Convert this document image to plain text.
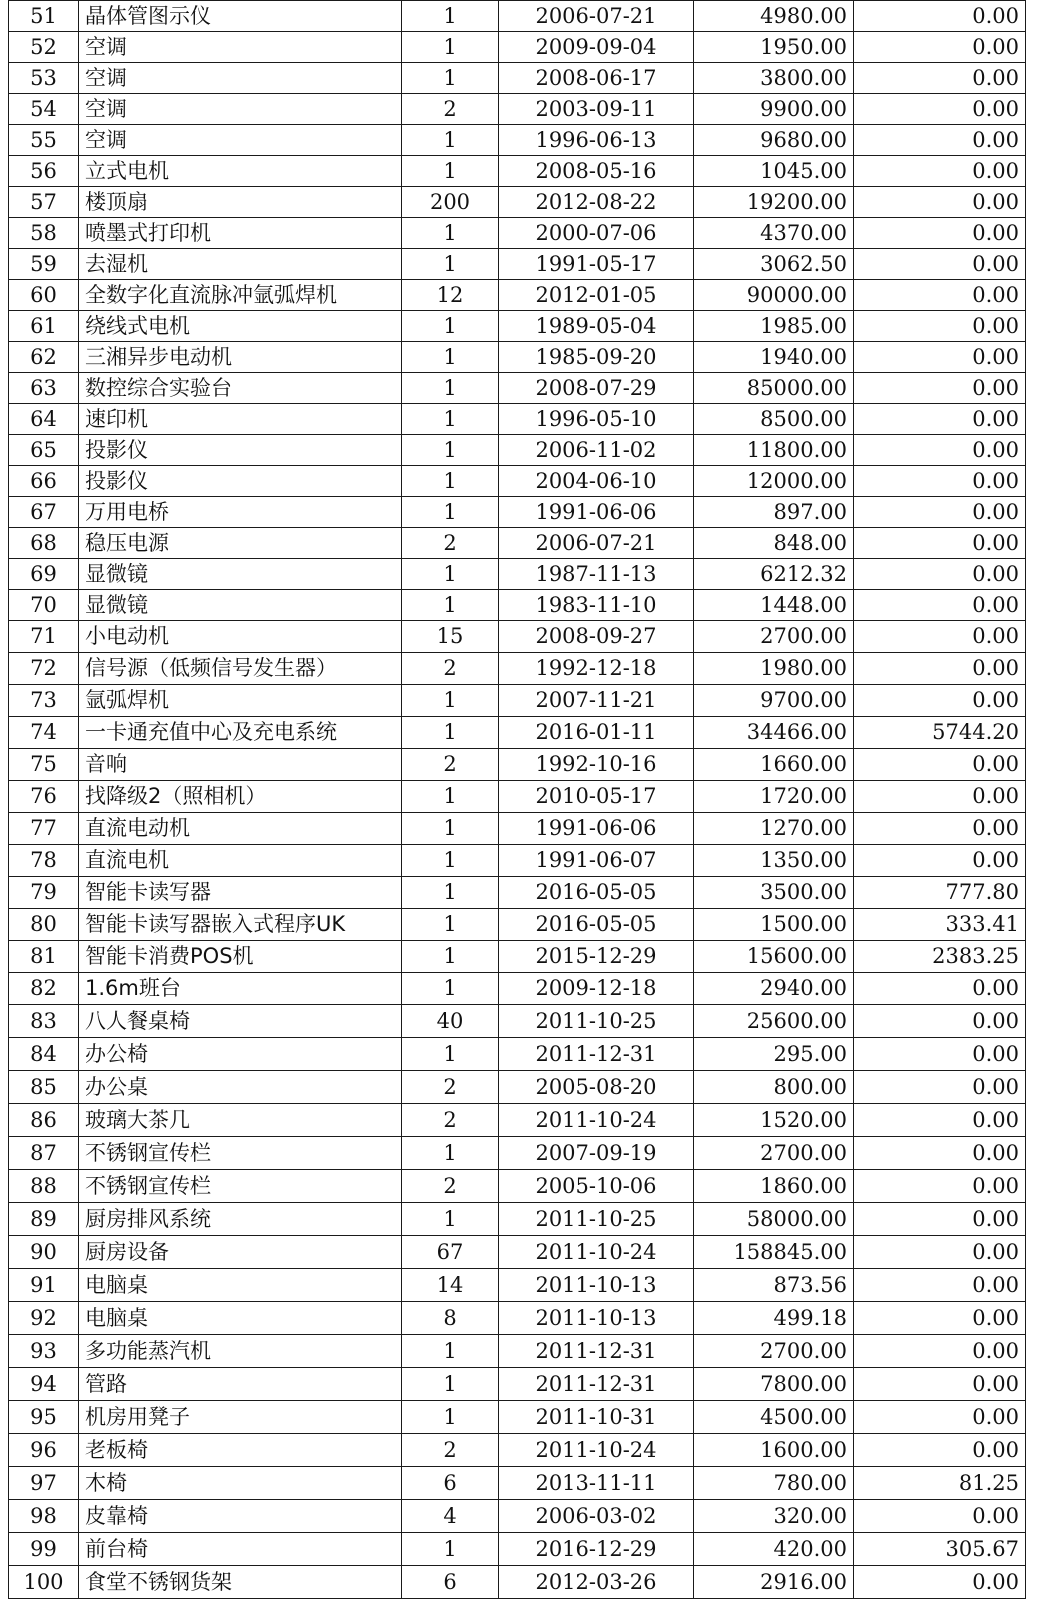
51	晶体管图示仪	1	2006-07-21	4980.00	0.00
52	空调	1	2009-09-04	1950.00	0.00
53	空调	1	2008-06-17	3800.00	0.00
54	空调	2	2003-09-11	9900.00	0.00
55	空调	1	1996-06-13	9680.00	0.00
56	立式电机	1	2008-05-16	1045.00	0.00
57	楼顶扇	200	2012-08-22	19200.00	0.00
58	喷墨式打印机	1	2000-07-06	4370.00	0.00
59	去湿机	1	1991-05-17	3062.50	0.00
60	全数字化直流脉冲氩弧焊机	12	2012-01-05	90000.00	0.00
61	绕线式电机	1	1989-05-04	1985.00	0.00
62	三湘异步电动机	1	1985-09-20	1940.00	0.00
63	数控综合实验台	1	2008-07-29	85000.00	0.00
64	速印机	1	1996-05-10	8500.00	0.00
65	投影仪	1	2006-11-02	11800.00	0.00
66	投影仪	1	2004-06-10	12000.00	0.00
67	万用电桥	1	1991-06-06	897.00	0.00
68	稳压电源	2	2006-07-21	848.00	0.00
69	显微镜	1	1987-11-13	6212.32	0.00
70	显微镜	1	1983-11-10	1448.00	0.00
71	小电动机	15	2008-09-27	2700.00	0.00
72	信号源（低频信号发生器）	2	1992-12-18	1980.00	0.00
73	氩弧焊机	1	2007-11-21	9700.00	0.00
74	一卡通充值中心及充电系统	1	2016-01-11	34466.00	5744.20
75	音响	2	1992-10-16	1660.00	0.00
76	找降级2（照相机）	1	2010-05-17	1720.00	0.00
77	直流电动机	1	1991-06-06	1270.00	0.00
78	直流电机	1	1991-06-07	1350.00	0.00
79	智能卡读写器	1	2016-05-05	3500.00	777.80
80	智能卡读写器嵌入式程序UK	1	2016-05-05	1500.00	333.41
81	智能卡消费POS机	1	2015-12-29	15600.00	2383.25
82	1.6m班台	1	2009-12-18	2940.00	0.00
83	八人餐桌椅	40	2011-10-25	25600.00	0.00
84	办公椅	1	2011-12-31	295.00	0.00
85	办公桌	2	2005-08-20	800.00	0.00
86	玻璃大茶几	2	2011-10-24	1520.00	0.00
87	不锈钢宣传栏	1	2007-09-19	2700.00	0.00
88	不锈钢宣传栏	2	2005-10-06	1860.00	0.00
89	厨房排风系统	1	2011-10-25	58000.00	0.00
90	厨房设备	67	2011-10-24	158845.00	0.00
91	电脑桌	14	2011-10-13	873.56	0.00
92	电脑桌	8	2011-10-13	499.18	0.00
93	多功能蒸汽机	1	2011-12-31	2700.00	0.00
94	管路	1	2011-12-31	7800.00	0.00
95	机房用凳子	1	2011-10-31	4500.00	0.00
96	老板椅	2	2011-10-24	1600.00	0.00
97	木椅	6	2013-11-11	780.00	81.25
98	皮靠椅	4	2006-03-02	320.00	0.00
99	前台椅	1	2016-12-29	420.00	305.67
100	食堂不锈钢货架	6	2012-03-26	2916.00	0.00
